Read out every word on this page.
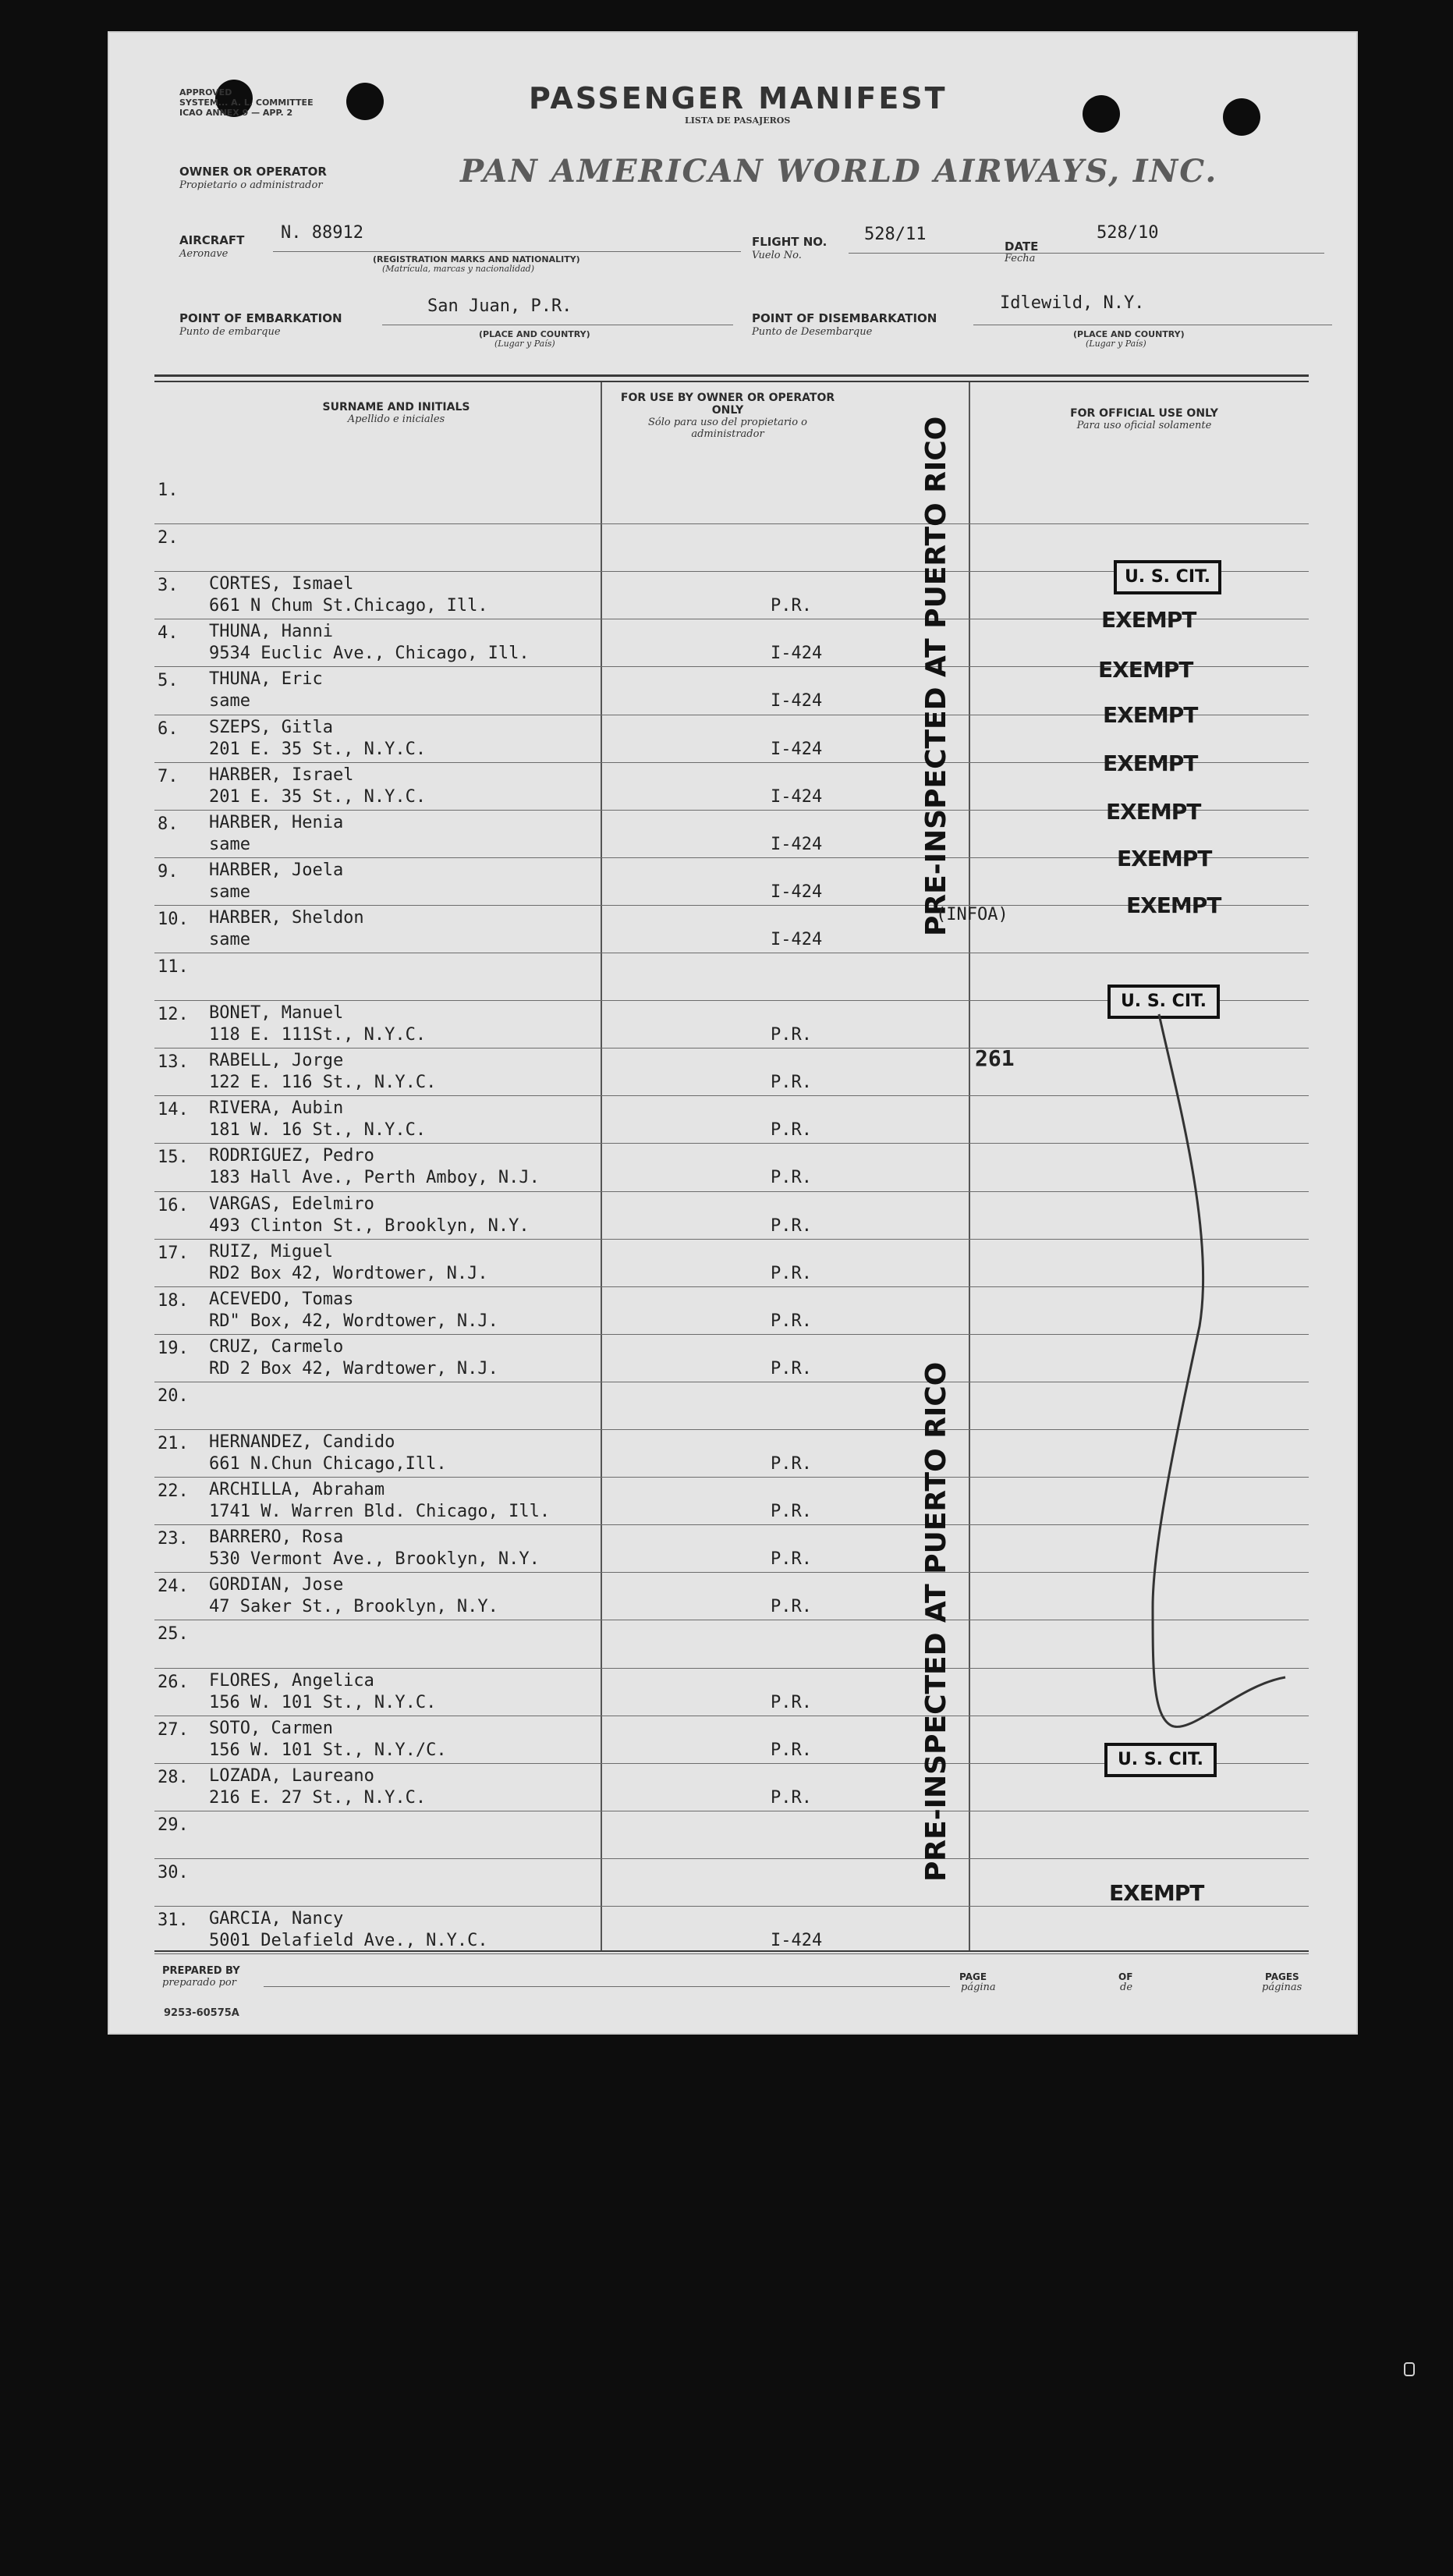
APPROVED
SYSTEM... A. L. COMMITTEE
ICAO ANNEX 9 — APP. 2	PASSENGER MANIFEST
LISTA DE PASAJEROS
OWNER OR OPERATOR
Propietario o administrador	PAN AMERICAN WORLD AIRWAYS, INC.
AIRCRAFT
Aeronave
N. 88912
(REGISTRATION MARKS AND NATIONALITY)
(Matrícula, marcas y nacionalidad)
FLIGHT NO.
Vuelo No.
528/11
DATE
Fecha
528/10
POINT OF EMBARKATION
Punto de embarque
San Juan, P.R.
(PLACE AND COUNTRY)
(Lugar y País)
POINT OF DISEMBARKATION
Punto de Desembarque
Idlewild, N.Y.
(PLACE AND COUNTRY)
(Lugar y País)
SURNAME AND INITIALS
Apellido e iniciales
FOR USE BY OWNER OR OPERATOR ONLY
Sólo para uso del propietario o administrador
FOR OFFICIAL USE ONLY
Para uso oficial solamente
1.
2.
3.	CORTES, Ismael
661 N Chum St.Chicago, Ill.	P.R.
4.	THUNA, Hanni
9534 Euclic Ave., Chicago, Ill.	I-424
5.	THUNA, Eric
same	I-424
6.	SZEPS, Gitla
201 E. 35 St., N.Y.C.	I-424
7.	HARBER, Israel
201 E. 35 St., N.Y.C.	I-424
8.	HARBER, Henia
same	I-424
9.	HARBER, Joela
same	I-424
10.	HARBER, Sheldon
same	I-424
11.
12.	BONET, Manuel
118 E. 111St., N.Y.C.	P.R.
13.	RABELL, Jorge
122 E. 116 St., N.Y.C.	P.R.
14.	RIVERA, Aubin
181 W. 16 St., N.Y.C.	P.R.
15.	RODRIGUEZ, Pedro
183 Hall Ave., Perth Amboy, N.J.	P.R.
16.	VARGAS, Edelmiro
493 Clinton St., Brooklyn, N.Y.	P.R.
17.	RUIZ, Miguel
RD2 Box 42, Wordtower, N.J.	P.R.
18.	ACEVEDO, Tomas
RD" Box, 42, Wordtower, N.J.	P.R.
19.	CRUZ, Carmelo
RD 2 Box 42, Wardtower, N.J.	P.R.
20.
21.	HERNANDEZ, Candido
661 N.Chun Chicago,Ill.	P.R.
22.	ARCHILLA, Abraham
1741 W. Warren Bld. Chicago, Ill.	P.R.
23.	BARRERO, Rosa
530 Vermont Ave., Brooklyn, N.Y.	P.R.
24.	GORDIAN, Jose
47 Saker St., Brooklyn, N.Y.	P.R.
25.
26.	FLORES, Angelica
156 W. 101 St., N.Y.C.	P.R.
27.	SOTO, Carmen
156 W. 101 St., N.Y./C.	P.R.
28.	LOZADA, Laureano
216 E. 27 St., N.Y.C.	P.R.
29.
30.
31.	GARCIA, Nancy
5001 Delafield Ave., N.Y.C.	I-424
PRE-INSPECTED AT PUERTO RICO
PRE-INSPECTED AT PUERTO RICO
U. S. CIT.
U. S. CIT.
U. S. CIT.
EXEMPT
EXEMPT
EXEMPT
EXEMPT
EXEMPT
EXEMPT
EXEMPT
EXEMPT
(INFOA)
261
PREPARED BY
preparado por	PAGE
página
OF
de
PAGES
páginas
9253-60575A
